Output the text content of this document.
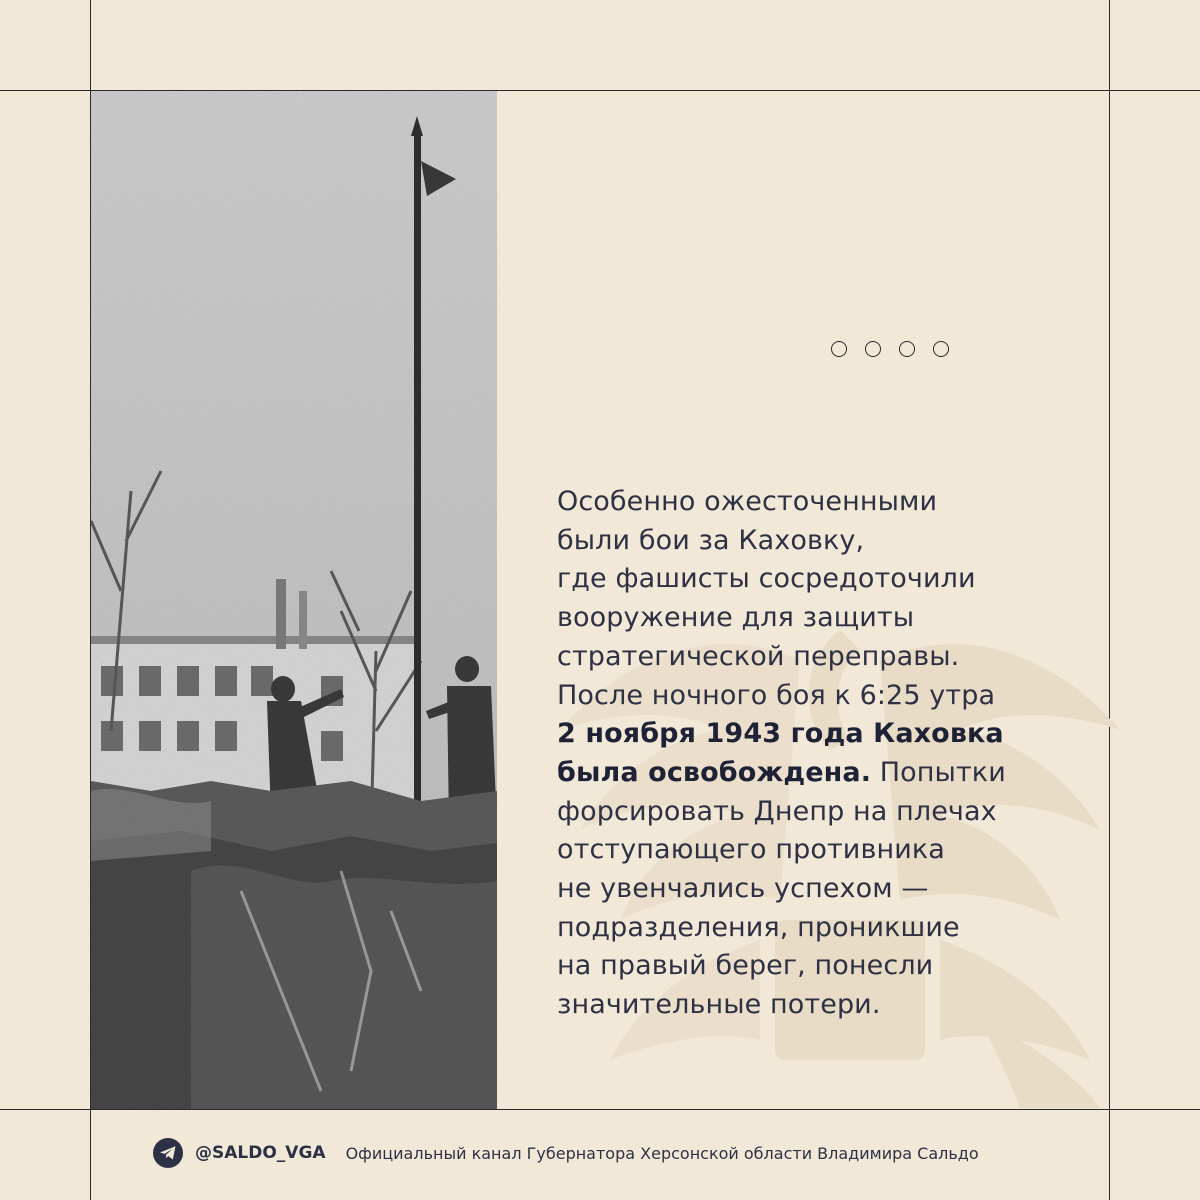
Особенно ожесточенными
были бои за Каховку,
где фашисты сосредоточили
вооружение для защиты
стратегической переправы.
После ночного боя к 6:25 утра
2 ноября 1943 года Каховка
была освобождена. Попытки
форсировать Днепр на плечах
отступающего противника
не увенчались успехом —
подразделения, проникшие
на правый берег, понесли
значительные потери.
@SALDO_VGA Официальный канал Губернатора Херсонской области Владимира Сальдо
